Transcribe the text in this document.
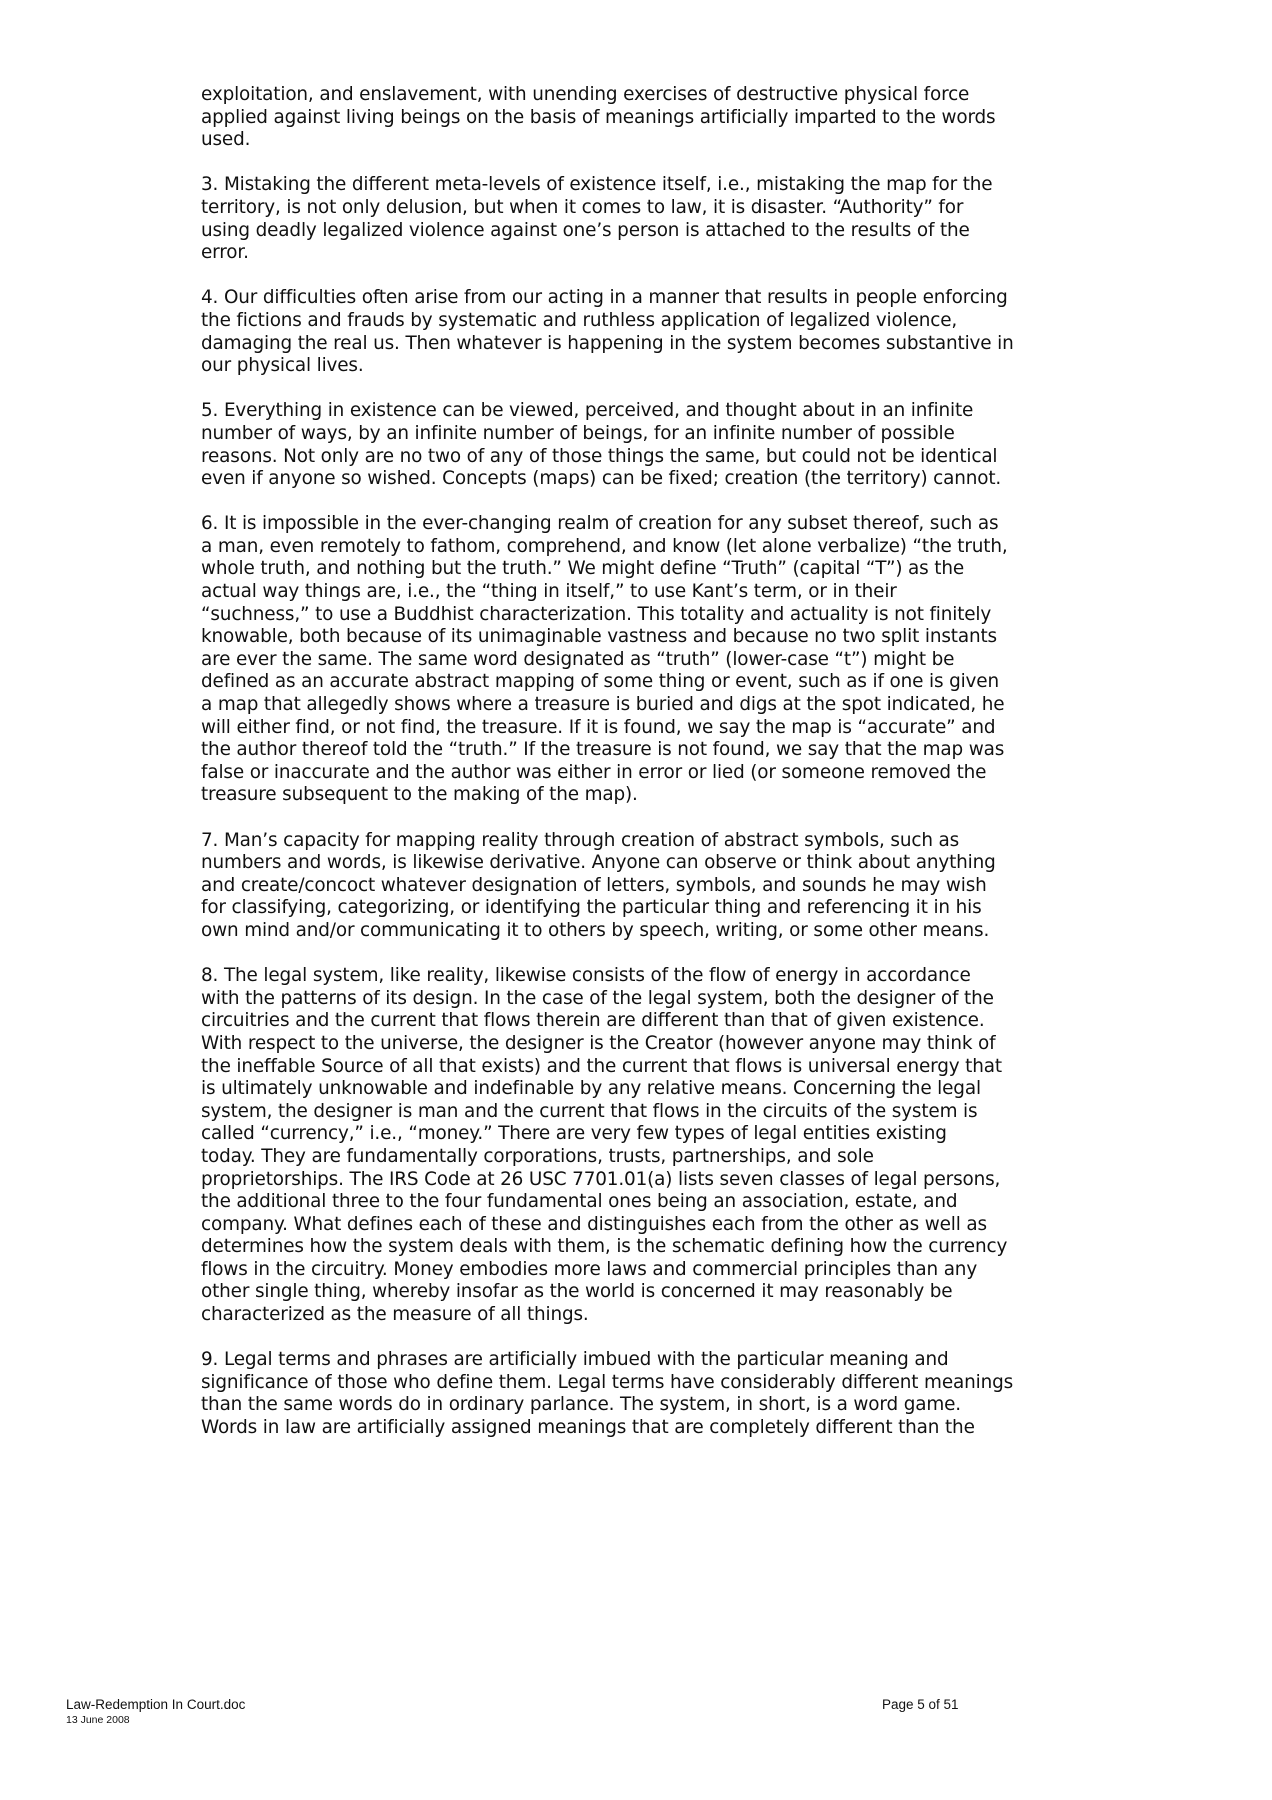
exploitation, and enslavement, with unending exercises of destructive physical force
applied against living beings on the basis of meanings artificially imparted to the words
used.
3. Mistaking the different meta-levels of existence itself, i.e., mistaking the map for the
territory, is not only delusion, but when it comes to law, it is disaster. “Authority” for
using deadly legalized violence against one’s person is attached to the results of the
error.
4. Our difficulties often arise from our acting in a manner that results in people enforcing
the fictions and frauds by systematic and ruthless application of legalized violence,
damaging the real us. Then whatever is happening in the system becomes substantive in
our physical lives.
5. Everything in existence can be viewed, perceived, and thought about in an infinite
number of ways, by an infinite number of beings, for an infinite number of possible
reasons. Not only are no two of any of those things the same, but could not be identical
even if anyone so wished. Concepts (maps) can be fixed; creation (the territory) cannot.
6. It is impossible in the ever-changing realm of creation for any subset thereof, such as
a man, even remotely to fathom, comprehend, and know (let alone verbalize) “the truth,
whole truth, and nothing but the truth.” We might define “Truth” (capital “T”) as the
actual way things are, i.e., the “thing in itself,” to use Kant’s term, or in their
“suchness,” to use a Buddhist characterization. This totality and actuality is not finitely
knowable, both because of its unimaginable vastness and because no two split instants
are ever the same. The same word designated as “truth” (lower-case “t”) might be
defined as an accurate abstract mapping of some thing or event, such as if one is given
a map that allegedly shows where a treasure is buried and digs at the spot indicated, he
will either find, or not find, the treasure. If it is found, we say the map is “accurate” and
the author thereof told the “truth.” If the treasure is not found, we say that the map was
false or inaccurate and the author was either in error or lied (or someone removed the
treasure subsequent to the making of the map).
7. Man’s capacity for mapping reality through creation of abstract symbols, such as
numbers and words, is likewise derivative. Anyone can observe or think about anything
and create/concoct whatever designation of letters, symbols, and sounds he may wish
for classifying, categorizing, or identifying the particular thing and referencing it in his
own mind and/or communicating it to others by speech, writing, or some other means.
8. The legal system, like reality, likewise consists of the flow of energy in accordance
with the patterns of its design. In the case of the legal system, both the designer of the
circuitries and the current that flows therein are different than that of given existence.
With respect to the universe, the designer is the Creator (however anyone may think of
the ineffable Source of all that exists) and the current that flows is universal energy that
is ultimately unknowable and indefinable by any relative means. Concerning the legal
system, the designer is man and the current that flows in the circuits of the system is
called “currency,” i.e., “money.” There are very few types of legal entities existing
today. They are fundamentally corporations, trusts, partnerships, and sole
proprietorships. The IRS Code at 26 USC 7701.01(a) lists seven classes of legal persons,
the additional three to the four fundamental ones being an association, estate, and
company. What defines each of these and distinguishes each from the other as well as
determines how the system deals with them, is the schematic defining how the currency
flows in the circuitry. Money embodies more laws and commercial principles than any
other single thing, whereby insofar as the world is concerned it may reasonably be
characterized as the measure of all things.
9. Legal terms and phrases are artificially imbued with the particular meaning and
significance of those who define them. Legal terms have considerably different meanings
than the same words do in ordinary parlance. The system, in short, is a word game.
Words in law are artificially assigned meanings that are completely different than the
Law-Redemption In Court.doc
13 June 2008
Page 5 of 51
